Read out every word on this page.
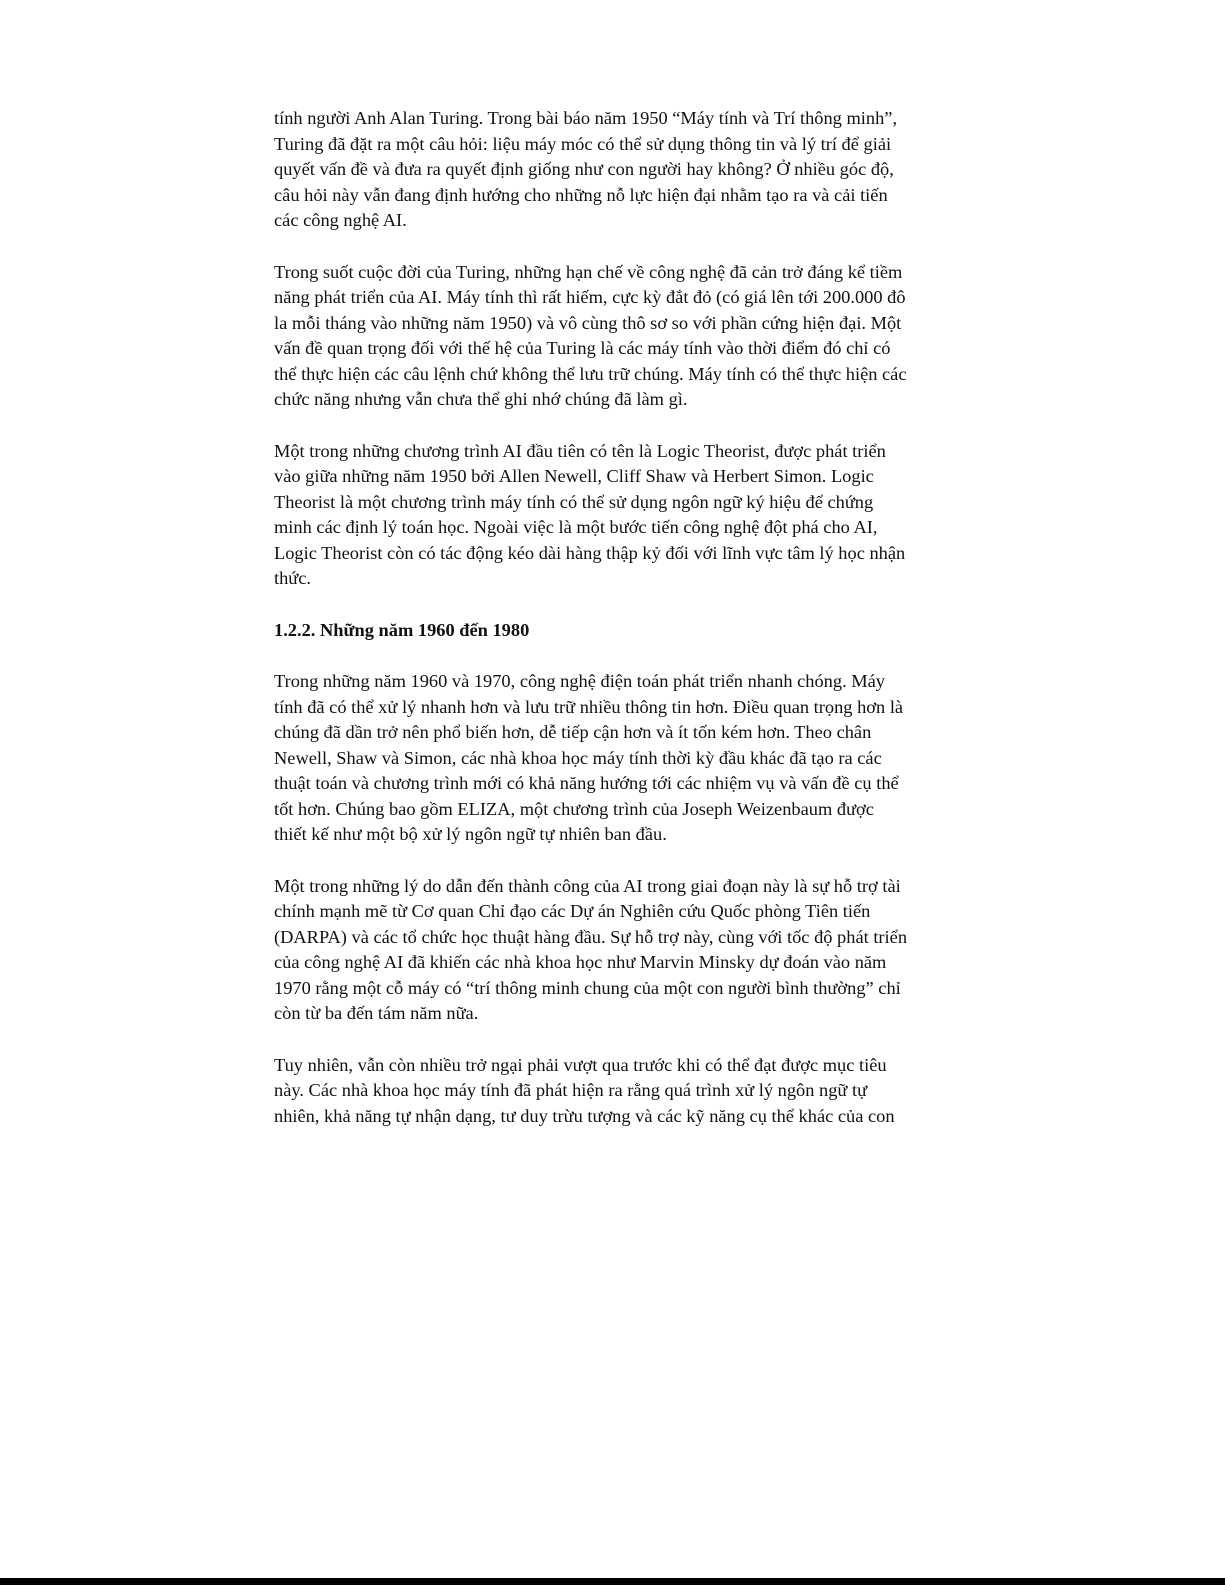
tính người Anh Alan Turing. Trong bài báo năm 1950 “Máy tính và Trí thông minh”,
Turing đã đặt ra một câu hỏi: liệu máy móc có thể sử dụng thông tin và lý trí để giải
quyết vấn đề và đưa ra quyết định giống như con người hay không? Ở nhiều góc độ,
câu hỏi này vẫn đang định hướng cho những nỗ lực hiện đại nhằm tạo ra và cải tiến
các công nghệ AI.

Trong suốt cuộc đời của Turing, những hạn chế về công nghệ đã cản trở đáng kể tiềm
năng phát triển của AI. Máy tính thì rất hiếm, cực kỳ đắt đỏ (có giá lên tới 200.000 đô
la mỗi tháng vào những năm 1950) và vô cùng thô sơ so với phần cứng hiện đại. Một
vấn đề quan trọng đối với thế hệ của Turing là các máy tính vào thời điểm đó chỉ có
thể thực hiện các câu lệnh chứ không thể lưu trữ chúng. Máy tính có thể thực hiện các
chức năng nhưng vẫn chưa thể ghi nhớ chúng đã làm gì.

Một trong những chương trình AI đầu tiên có tên là Logic Theorist, được phát triển
vào giữa những năm 1950 bởi Allen Newell, Cliff Shaw và Herbert Simon. Logic
Theorist là một chương trình máy tính có thể sử dụng ngôn ngữ ký hiệu để chứng
minh các định lý toán học. Ngoài việc là một bước tiến công nghệ đột phá cho AI,
Logic Theorist còn có tác động kéo dài hàng thập kỷ đối với lĩnh vực tâm lý học nhận
thức.

1.2.2. Những năm 1960 đến 1980

Trong những năm 1960 và 1970, công nghệ điện toán phát triển nhanh chóng. Máy
tính đã có thể xử lý nhanh hơn và lưu trữ nhiều thông tin hơn. Điều quan trọng hơn là
chúng đã dần trở nên phổ biến hơn, dễ tiếp cận hơn và ít tốn kém hơn. Theo chân
Newell, Shaw và Simon, các nhà khoa học máy tính thời kỳ đầu khác đã tạo ra các
thuật toán và chương trình mới có khả năng hướng tới các nhiệm vụ và vấn đề cụ thể
tốt hơn. Chúng bao gồm ELIZA, một chương trình của Joseph Weizenbaum được
thiết kế như một bộ xử lý ngôn ngữ tự nhiên ban đầu.

Một trong những lý do dẫn đến thành công của AI trong giai đoạn này là sự hỗ trợ tài
chính mạnh mẽ từ Cơ quan Chỉ đạo các Dự án Nghiên cứu Quốc phòng Tiên tiến
(DARPA) và các tổ chức học thuật hàng đầu. Sự hỗ trợ này, cùng với tốc độ phát triển
của công nghệ AI đã khiến các nhà khoa học như Marvin Minsky dự đoán vào năm
1970 rằng một cỗ máy có “trí thông minh chung của một con người bình thường” chỉ
còn từ ba đến tám năm nữa.

Tuy nhiên, vẫn còn nhiều trở ngại phải vượt qua trước khi có thể đạt được mục tiêu
này. Các nhà khoa học máy tính đã phát hiện ra rằng quá trình xử lý ngôn ngữ tự
nhiên, khả năng tự nhận dạng, tư duy trừu tượng và các kỹ năng cụ thể khác của con
